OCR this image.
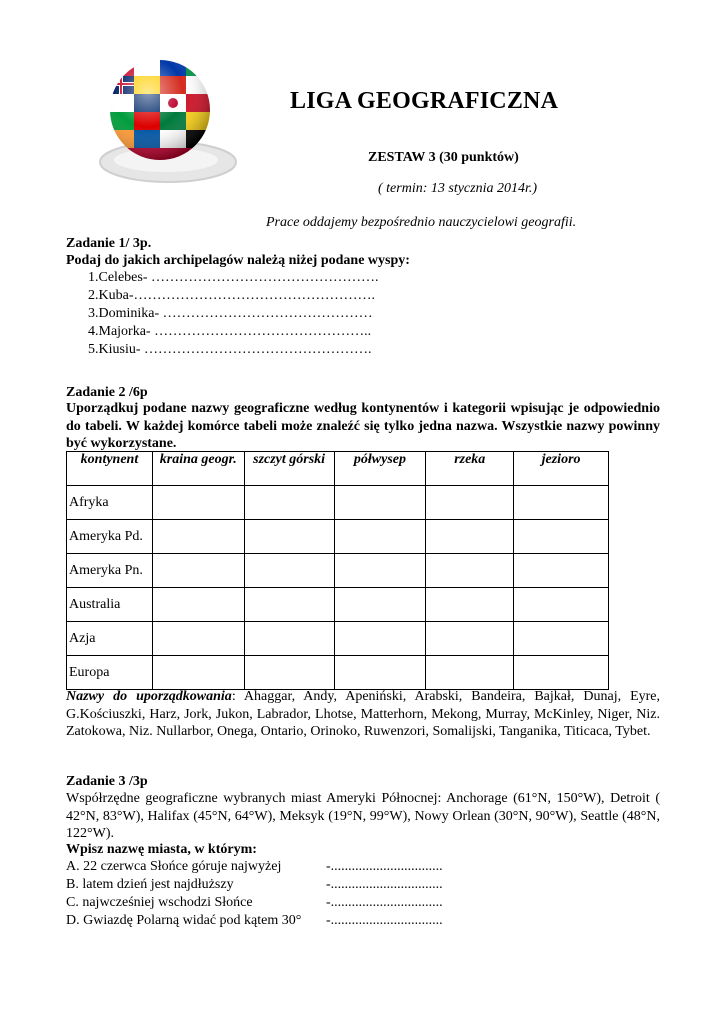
LIGA GEOGRAFICZNA
ZESTAW 3 (30 punktów)
( termin: 13 stycznia 2014r.)
Prace oddajemy bezpośrednio nauczycielowi geografii.
Zadanie 1/ 3p.
Podaj do jakich archipelagów należą niżej podane wyspy:
1.Celebes- ………………………………………….
2.Kuba-…………………………………………….
3.Dominika- ………………………………………
4.Majorka- ………………………………………..
5.Kiusiu- ………………………………………….
Zadanie 2 /6p
Uporządkuj podane nazwy geograficzne według kontynentów i kategorii wpisując je odpowiednio do tabeli. W każdej komórce tabeli może znaleźć się tylko jedna nazwa. Wszystkie nazwy powinny być wykorzystane.
kontynent	kraina geogr.	szczyt górski	półwysep	rzeka	jezioro
Afryka					
Ameryka Pd.					
Ameryka Pn.					
Australia					
Azja					
Europa					
Nazwy do uporządkowania: Ahaggar, Andy, Apeniński, Arabski, Bandeira, Bajkał, Dunaj, Eyre, G.Kościuszki, Harz, Jork, Jukon, Labrador, Lhotse, Matterhorn, Mekong, Murray, McKinley, Niger, Niz. Zatokowa, Niz. Nullarbor, Onega, Ontario, Orinoko, Ruwenzori, Somalijski, Tanganika, Titicaca, Tybet.
Zadanie 3 /3p
Współrzędne geograficzne wybranych miast Ameryki Północnej: Anchorage (61°N, 150°W), Detroit ( 42°N, 83°W), Halifax (45°N, 64°W), Meksyk (19°N, 99°W), Nowy Orlean (30°N, 90°W), Seattle (48°N, 122°W).
Wpisz nazwę miasta, w którym:
A. 22 czerwca Słońce góruje najwyżej	-................................
B. latem dzień jest najdłuższy	-................................
C. najwcześniej wschodzi Słońce	-................................
D. Gwiazdę Polarną widać pod kątem 30° -................................
